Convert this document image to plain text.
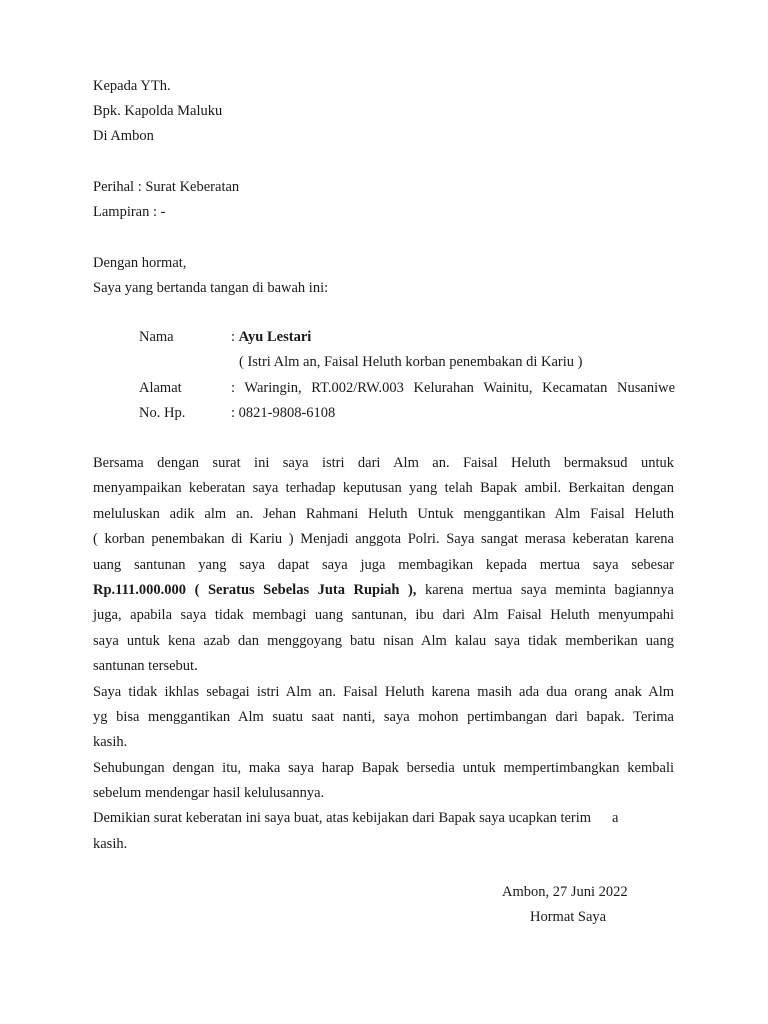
Kepada YTh.
Bpk. Kapolda Maluku
Di Ambon
Perihal : Surat Keberatan
Lampiran : -
Dengan hormat,
Saya yang bertanda tangan di bawah ini:
Nama	: Ayu Lestari
( Istri Alm an, Faisal Heluth korban penembakan di Kariu )
Alamat	: Waringin, RT.002/RW.003 Kelurahan Wainitu, Kecamatan Nusaniwe
No. Hp.	: 0821-9808-6108
Bersama dengan surat ini saya istri dari Alm an. Faisal Heluth bermaksud untuk
menyampaikan keberatan saya terhadap keputusan yang telah Bapak ambil. Berkaitan dengan
meluluskan adik alm an. Jehan Rahmani Heluth Untuk menggantikan Alm Faisal Heluth
( korban penembakan di Kariu ) Menjadi anggota Polri. Saya sangat merasa keberatan karena
uang santunan yang saya dapat saya juga membagikan kepada mertua saya sebesar
Rp.111.000.000 ( Seratus Sebelas Juta Rupiah ), karena mertua saya meminta bagiannya
juga, apabila saya tidak membagi uang santunan, ibu dari Alm Faisal Heluth menyumpahi
saya untuk kena azab dan menggoyang batu nisan Alm kalau saya tidak memberikan uang
santunan tersebut.
Saya tidak ikhlas sebagai istri Alm an. Faisal Heluth karena masih ada dua orang anak Alm
yg bisa menggantikan Alm suatu saat nanti, saya mohon pertimbangan dari bapak. Terima
kasih.
Sehubungan dengan itu, maka saya harap Bapak bersedia untuk mempertimbangkan kembali
sebelum mendengar hasil kelulusannya.
Demikian surat keberatan ini saya buat, atas kebijakan dari Bapak saya ucapkan terim a
kasih.
Ambon, 27 Juni 2022
Hormat Saya
